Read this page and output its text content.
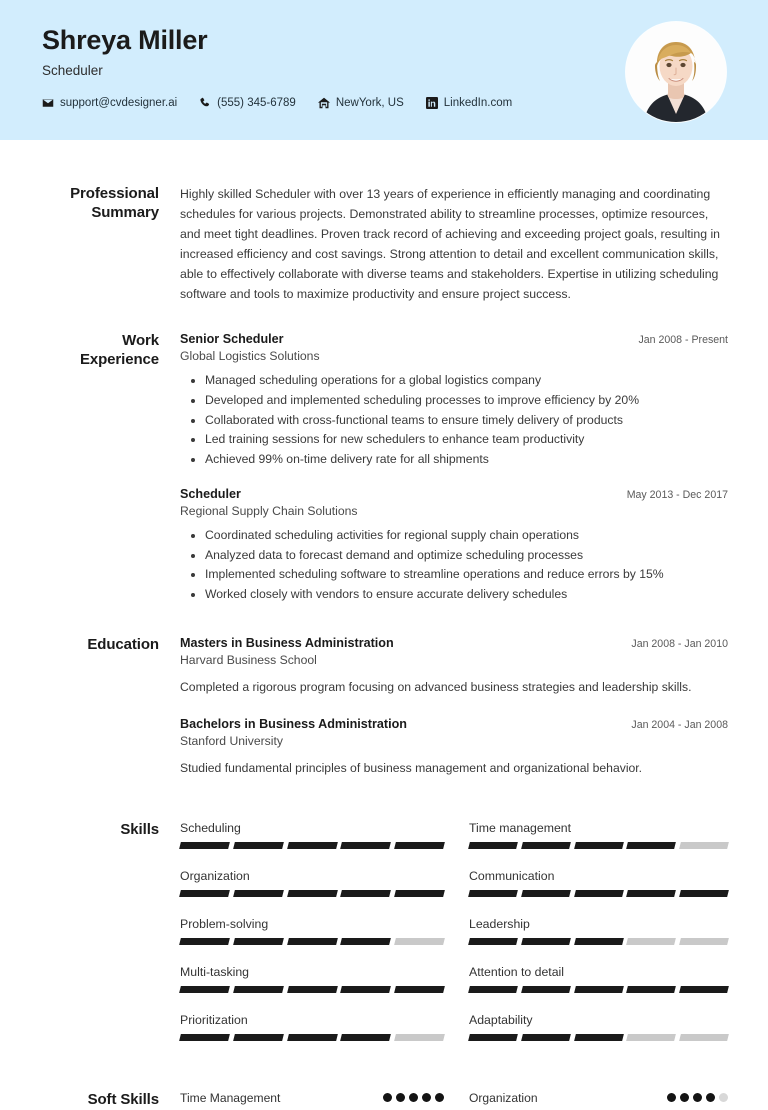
Shreya Miller
Scheduler
support@cvdesigner.ai	(555) 345-6789	NewYork, US	LinkedIn.com
Professional Summary
Highly skilled Scheduler with over 13 years of experience in efficiently managing and coordinating schedules for various projects. Demonstrated ability to streamline processes, optimize resources, and meet tight deadlines. Proven track record of achieving and exceeding project goals, resulting in increased efficiency and cost savings. Strong attention to detail and excellent communication skills, able to effectively collaborate with diverse teams and stakeholders. Expertise in utilizing scheduling software and tools to maximize productivity and ensure project success.
Work Experience
Senior Scheduler	Jan 2008 - Present
Global Logistics Solutions
• Managed scheduling operations for a global logistics company
• Developed and implemented scheduling processes to improve efficiency by 20%
• Collaborated with cross-functional teams to ensure timely delivery of products
• Led training sessions for new schedulers to enhance team productivity
• Achieved 99% on-time delivery rate for all shipments
Scheduler	May 2013 - Dec 2017
Regional Supply Chain Solutions
• Coordinated scheduling activities for regional supply chain operations
• Analyzed data to forecast demand and optimize scheduling processes
• Implemented scheduling software to streamline operations and reduce errors by 15%
• Worked closely with vendors to ensure accurate delivery schedules
Education	Masters in Business Administration	Jan 2008 - Jan 2010
Harvard Business School
Completed a rigorous program focusing on advanced business strategies and leadership skills.
Bachelors in Business Administration	Jan 2004 - Jan 2008
Stanford University
Studied fundamental principles of business management and organizational behavior.
Skills	Scheduling	Time management
Organization	Communication
Problem-solving	Leadership
Multi-tasking	Attention to detail
Prioritization	Adaptability
Soft Skills	Time Management	Organization
